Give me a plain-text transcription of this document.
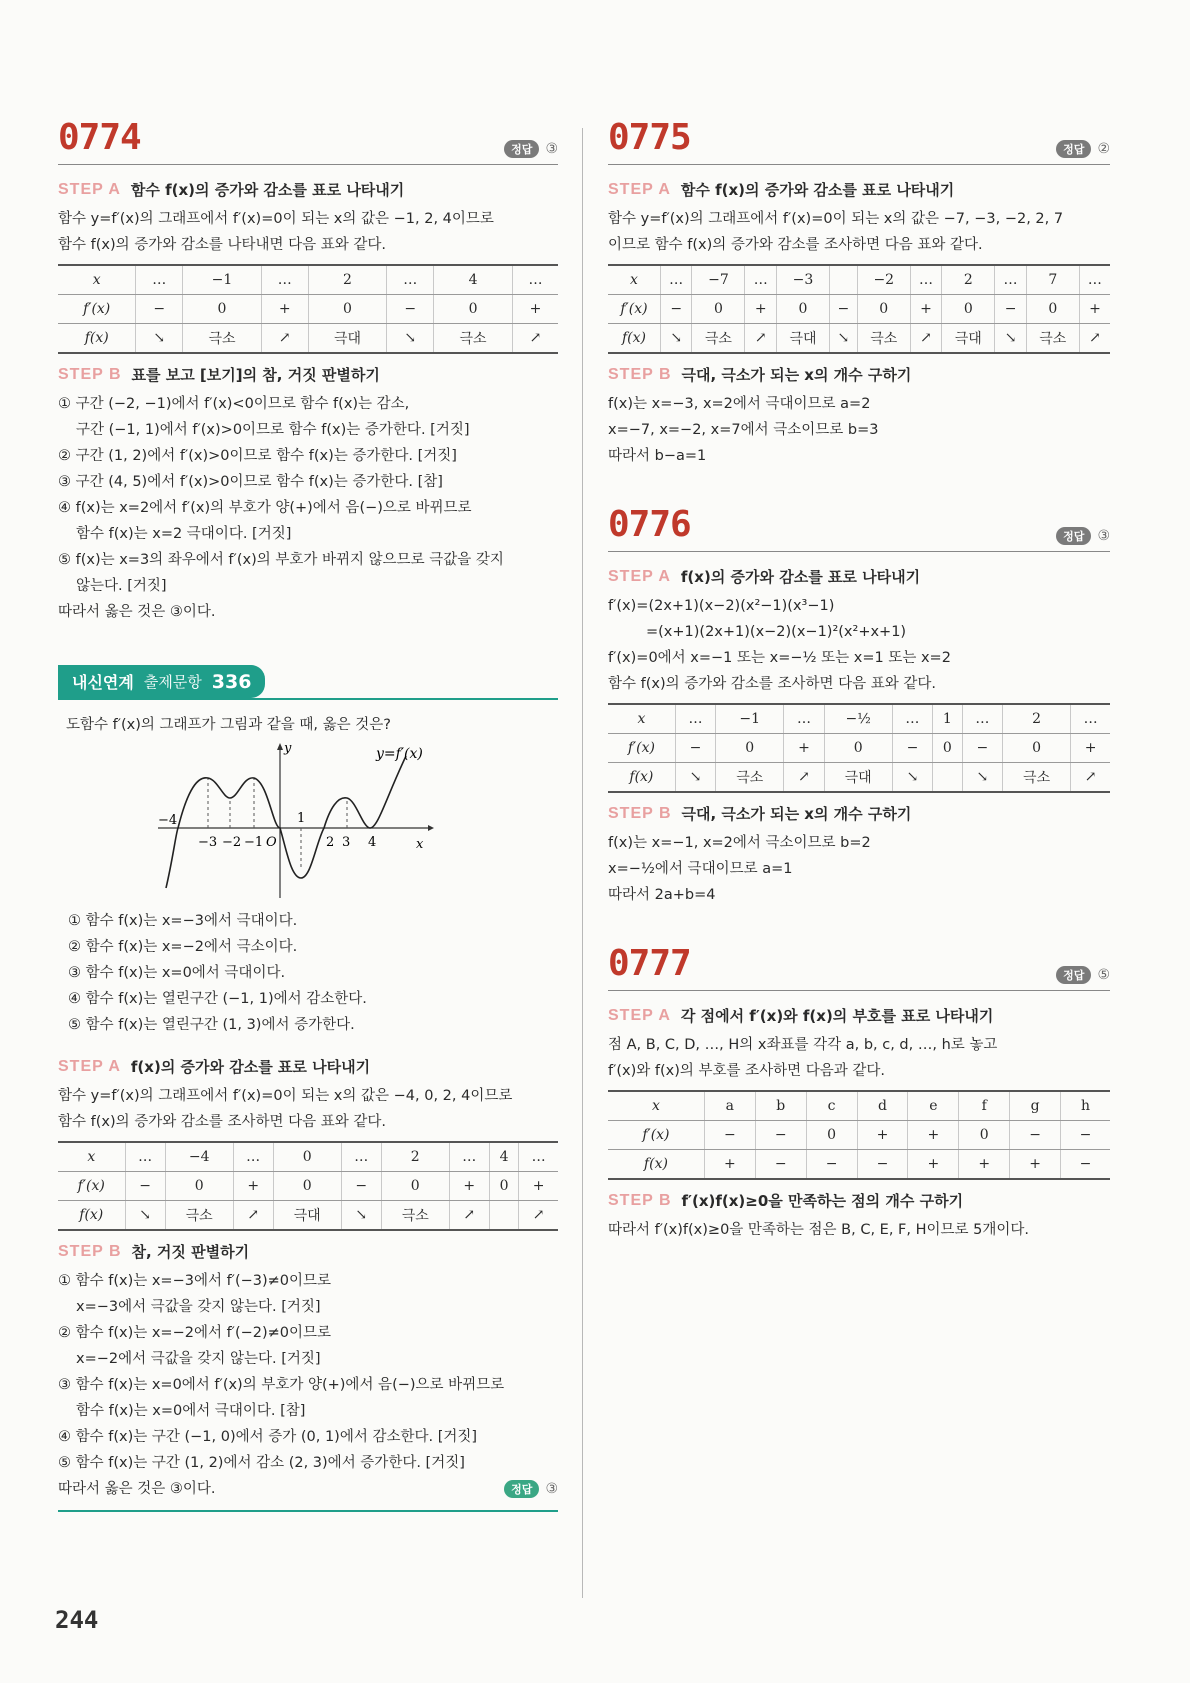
0774	정답 ③
STEP A 함수 f(x)의 증가와 감소를 표로 나타내기

함수 y=f′(x)의 그래프에서 f′(x)=0이 되는 x의 값은 −1, 2, 4이므로

함수 f(x)의 증가와 감소를 나타내면 다음 표와 같다.

x	…	−1	…	2	…	4	…
f′(x)	−	0	+	0	−	0	+
f(x)	↘	극소	↗	극대	↘	극소	↗
STEP B 표를 보고 [보기]의 참, 거짓 판별하기

① 구간 (−2, −1)에서 f′(x)<0이므로 함수 f(x)는 감소,

구간 (−1, 1)에서 f′(x)>0이므로 함수 f(x)는 증가한다. [거짓]

② 구간 (1, 2)에서 f′(x)>0이므로 함수 f(x)는 증가한다. [거짓]

③ 구간 (4, 5)에서 f′(x)>0이므로 함수 f(x)는 증가한다. [참]

④ f(x)는 x=2에서 f′(x)의 부호가 양(+)에서 음(−)으로 바뀌므로

함수 f(x)는 x=2 극대이다. [거짓]

⑤ f(x)는 x=3의 좌우에서 f′(x)의 부호가 바뀌지 않으므로 극값을 갖지

않는다. [거짓]

따라서 옳은 것은 ③이다.

내신연계 출제문항 336

도함수 f′(x)의 그래프가 그림과 같을 때, 옳은 것은?

y	y=f′(x)
x
−4
−3 −2 −1 O
1
2 3 4

① 함수 f(x)는 x=−3에서 극대이다.

② 함수 f(x)는 x=−2에서 극소이다.

③ 함수 f(x)는 x=0에서 극대이다.

④ 함수 f(x)는 열린구간 (−1, 1)에서 감소한다.

⑤ 함수 f(x)는 열린구간 (1, 3)에서 증가한다.

STEP A f(x)의 증가와 감소를 표로 나타내기

함수 y=f′(x)의 그래프에서 f′(x)=0이 되는 x의 값은 −4, 0, 2, 4이므로

함수 f(x)의 증가와 감소를 조사하면 다음 표와 같다.

x	…	−4	…	0	…	2	…	4	…
f′(x)	−	0	+	0	−	0	+	0	+
f(x)	↘	극소	↗	극대	↘	극소	↗		↗
STEP B 참, 거짓 판별하기

① 함수 f(x)는 x=−3에서 f′(−3)≠0이므로

x=−3에서 극값을 갖지 않는다. [거짓]

② 함수 f(x)는 x=−2에서 f′(−2)≠0이므로

x=−2에서 극값을 갖지 않는다. [거짓]

③ 함수 f(x)는 x=0에서 f′(x)의 부호가 양(+)에서 음(−)으로 바뀌므로

함수 f(x)는 x=0에서 극대이다. [참]

④ 함수 f(x)는 구간 (−1, 0)에서 증가 (0, 1)에서 감소한다. [거짓]

⑤ 함수 f(x)는 구간 (1, 2)에서 감소 (2, 3)에서 증가한다. [거짓]

따라서 옳은 것은 ③이다.	정답 ③
0775	정답 ②
STEP A 함수 f(x)의 증가와 감소를 표로 나타내기

함수 y=f′(x)의 그래프에서 f′(x)=0이 되는 x의 값은 −7, −3, −2, 2, 7

이므로 함수 f(x)의 증가와 감소를 조사하면 다음 표와 같다.

x	…	−7	…	−3		−2	…	2	…	7	…
f′(x)	−	0	+	0	−	0	+	0	−	0	+
f(x)	↘	극소	↗	극대	↘	극소	↗	극대	↘	극소	↗
STEP B 극대, 극소가 되는 x의 개수 구하기

f(x)는 x=−3, x=2에서 극대이므로 a=2

x=−7, x=−2, x=7에서 극소이므로 b=3

따라서 b−a=1

0776	정답 ③
STEP A f(x)의 증가와 감소를 표로 나타내기

f′(x)=(2x+1)(x−2)(x²−1)(x³−1)

=(x+1)(2x+1)(x−2)(x−1)²(x²+x+1)

f′(x)=0에서 x=−1 또는 x=−½ 또는 x=1 또는 x=2

함수 f(x)의 증가와 감소를 조사하면 다음 표와 같다.

x	…	−1	…	−½	…	1	…	2	…
f′(x)	−	0	+	0	−	0	−	0	+
f(x)	↘	극소	↗	극대	↘		↘	극소	↗
STEP B 극대, 극소가 되는 x의 개수 구하기

f(x)는 x=−1, x=2에서 극소이므로 b=2

x=−½에서 극대이므로 a=1

따라서 2a+b=4

0777	정답 ⑤
STEP A 각 점에서 f′(x)와 f(x)의 부호를 표로 나타내기

점 A, B, C, D, …, H의 x좌표를 각각 a, b, c, d, …, h로 놓고

f′(x)와 f(x)의 부호를 조사하면 다음과 같다.

x	a	b	c	d	e	f	g	h
f′(x)	−	−	0	+	+	0	−	−
f(x)	+	−	−	−	+	+	+	−
STEP B f′(x)f(x)≥0을 만족하는 점의 개수 구하기

따라서 f′(x)f(x)≥0을 만족하는 점은 B, C, E, F, H이므로 5개이다.

244
